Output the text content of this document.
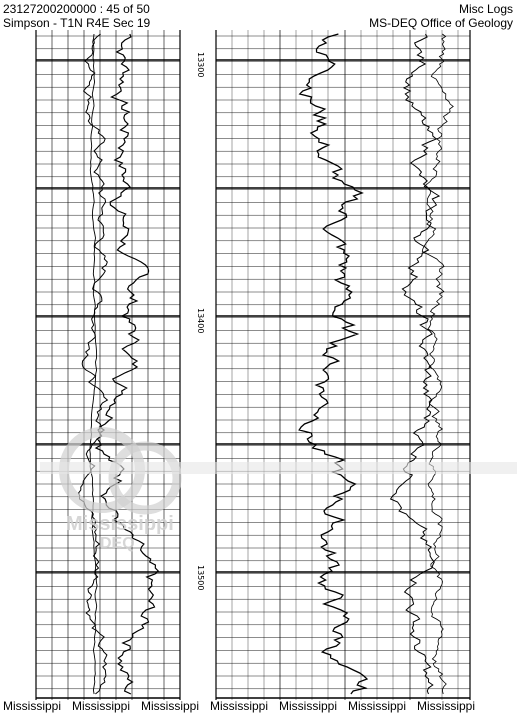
23127200200000 : 45 of 50
Simpson - T1N R4E Sec 19
Misc Logs
MS-DEQ Office of Geology
13300
13400
13500
Mississippi
DEQ
Mississippi Mississippi Mississippi Mississippi Mississippi Mississippi Mississippi
